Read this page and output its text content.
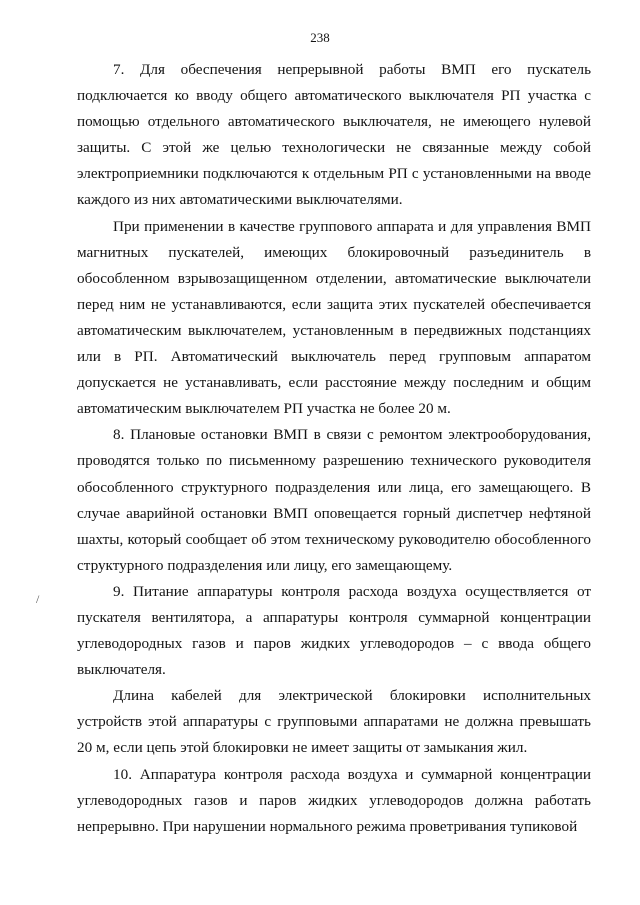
238

7. Для обеспечения непрерывной работы ВМП его пускатель подключается ко вводу общего автоматического выключателя РП участка с помощью отдельного автоматического выключателя, не имеющего нулевой защиты. С этой же целью технологически не связанные между собой электроприемники подключаются к отдельным РП с установленными на вводе каждого из них автоматическими выключателями.

При применении в качестве группового аппарата и для управления ВМП магнитных пускателей, имеющих блокировочный разъединитель в обособленном взрывозащищенном отделении, автоматические выключатели перед ним не устанавливаются, если защита этих пускателей обеспечивается автоматическим выключателем, установленным в передвижных подстанциях или в РП. Автоматический выключатель перед групповым аппаратом допускается не устанавливать, если расстояние между последним и общим автоматическим выключателем РП участка не более 20 м.

8. Плановые остановки ВМП в связи с ремонтом электрооборудования, проводятся только по письменному разрешению технического руководителя обособленного структурного подразделения или лица, его замещающего. В случае аварийной остановки ВМП оповещается горный диспетчер нефтяной шахты, который сообщает об этом техническому руководителю обособленного структурного подразделения или лицу, его замещающему.

9. Питание аппаратуры контроля расхода воздуха осуществляется от пускателя вентилятора, а аппаратуры контроля суммарной концентрации углеводородных газов и паров жидких углеводородов – с ввода общего выключателя.

Длина кабелей для электрической блокировки исполнительных устройств этой аппаратуры с групповыми аппаратами не должна превышать 20 м, если цепь этой блокировки не имеет защиты от замыкания жил.

10. Аппаратура контроля расхода воздуха и суммарной концентрации углеводородных газов и паров жидких углеводородов должна работать непрерывно. При нарушении нормального режима проветривания тупиковой

/
